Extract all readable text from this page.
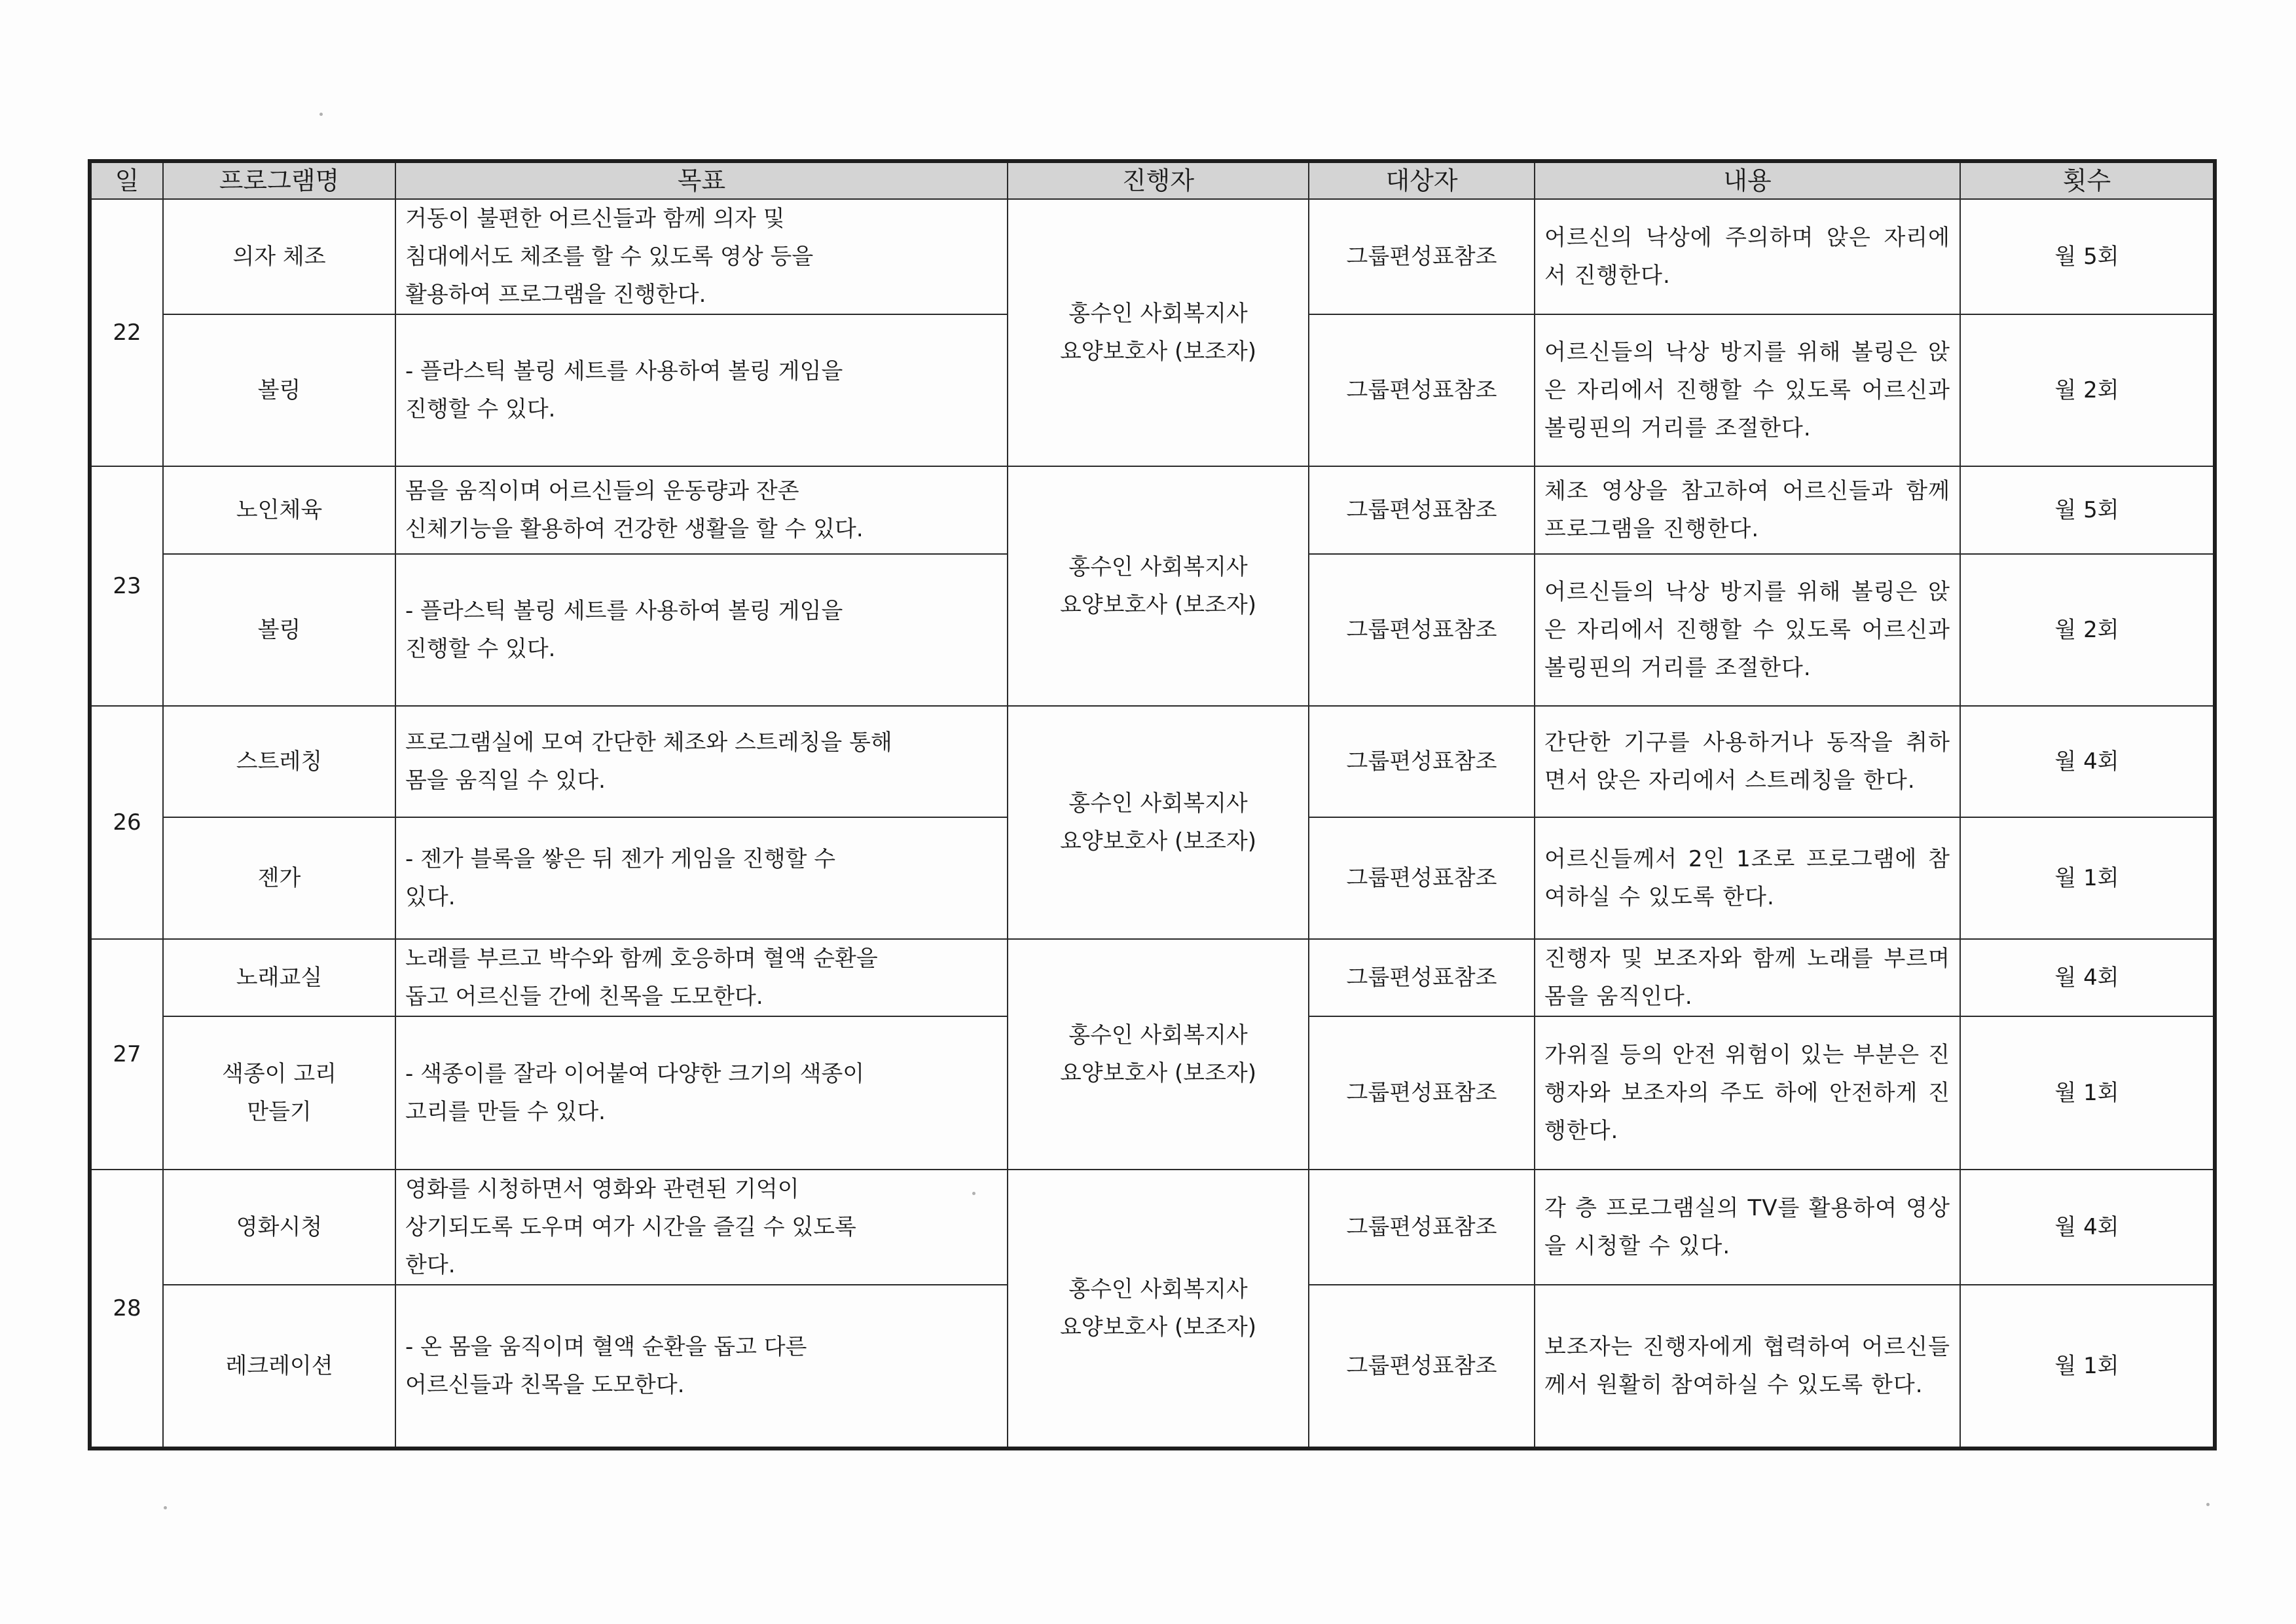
일	프로그램명	목표	진행자	대상자	내용	횟수
22	의자 체조	거동이 불편한 어르신들과 함께 의자 및
침대에서도 체조를 할 수 있도록 영상 등을
활용하여 프로그램을 진행한다.	홍수인 사회복지사
요양보호사 (보조자)	그룹편성표참조	어르신의 낙상에 주의하며 앉은 자리에서 진행한다.	월 5회
	볼링	- 플라스틱 볼링 세트를 사용하여 볼링 게임을
진행할 수 있다.		그룹편성표참조	어르신들의 낙상 방지를 위해 볼링은 앉은 자리에서 진행할 수 있도록 어르신과 볼링핀의 거리를 조절한다.	월 2회
23	노인체육	몸을 움직이며 어르신들의 운동량과 잔존
신체기능을 활용하여 건강한 생활을 할 수 있다.	홍수인 사회복지사
요양보호사 (보조자)	그룹편성표참조	체조 영상을 참고하여 어르신들과 함께 프로그램을 진행한다.	월 5회
	볼링	- 플라스틱 볼링 세트를 사용하여 볼링 게임을
진행할 수 있다.		그룹편성표참조	어르신들의 낙상 방지를 위해 볼링은 앉은 자리에서 진행할 수 있도록 어르신과 볼링핀의 거리를 조절한다.	월 2회
26	스트레칭	프로그램실에 모여 간단한 체조와 스트레칭을 통해
몸을 움직일 수 있다.	홍수인 사회복지사
요양보호사 (보조자)	그룹편성표참조	간단한 기구를 사용하거나 동작을 취하면서 앉은 자리에서 스트레칭을 한다.	월 4회
	젠가	- 젠가 블록을 쌓은 뒤 젠가 게임을 진행할 수
있다.		그룹편성표참조	어르신들께서 2인 1조로 프로그램에 참여하실 수 있도록 한다.	월 1회
27	노래교실	노래를 부르고 박수와 함께 호응하며 혈액 순환을
돕고 어르신들 간에 친목을 도모한다.	홍수인 사회복지사
요양보호사 (보조자)	그룹편성표참조	진행자 및 보조자와 함께 노래를 부르며 몸을 움직인다.	월 4회
	색종이 고리
만들기	- 색종이를 잘라 이어붙여 다양한 크기의 색종이
고리를 만들 수 있다.		그룹편성표참조	가위질 등의 안전 위험이 있는 부분은 진행자와 보조자의 주도 하에 안전하게 진행한다.	월 1회
28	영화시청	영화를 시청하면서 영화와 관련된 기억이
상기되도록 도우며 여가 시간을 즐길 수 있도록
한다.	홍수인 사회복지사
요양보호사 (보조자)	그룹편성표참조	각 층 프로그램실의 TV를 활용하여 영상을 시청할 수 있다.	월 4회
	레크레이션	- 온 몸을 움직이며 혈액 순환을 돕고 다른
어르신들과 친목을 도모한다.		그룹편성표참조	보조자는 진행자에게 협력하여 어르신들께서 원활히 참여하실 수 있도록 한다.	월 1회
